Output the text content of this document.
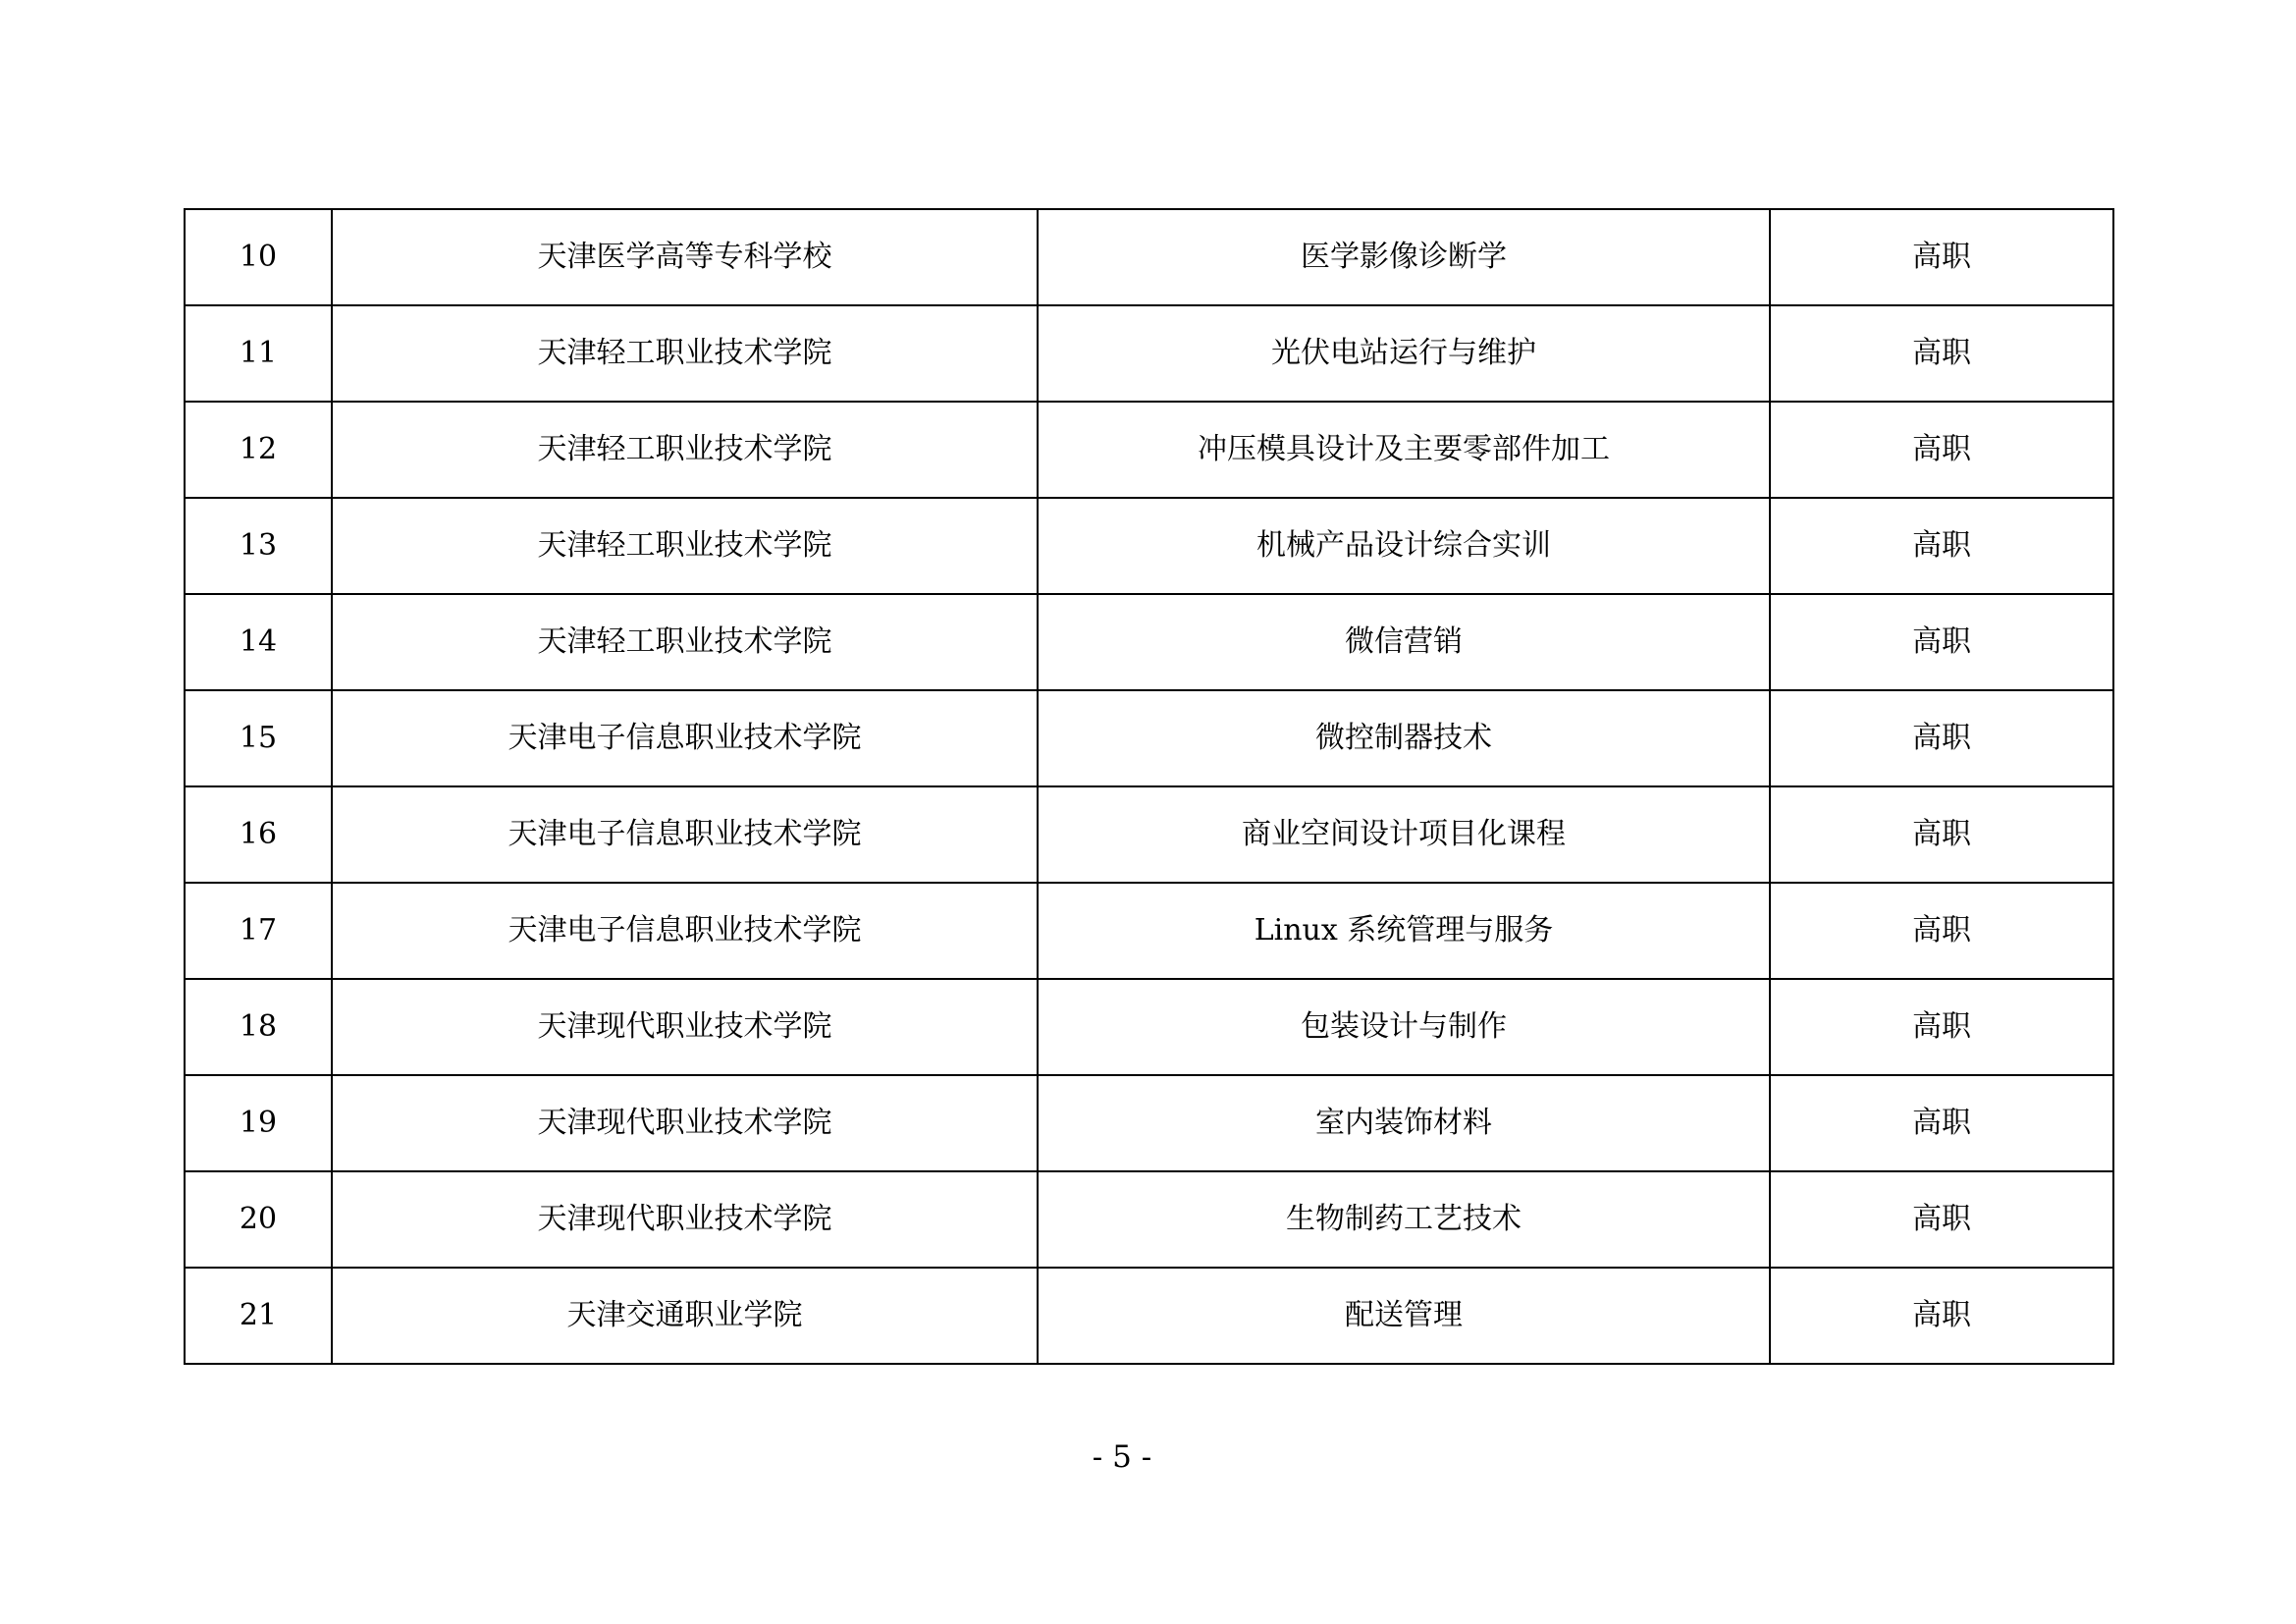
10	天津医学高等专科学校	医学影像诊断学	高职
11	天津轻工职业技术学院	光伏电站运行与维护	高职
12	天津轻工职业技术学院	冲压模具设计及主要零部件加工	高职
13	天津轻工职业技术学院	机械产品设计综合实训	高职
14	天津轻工职业技术学院	微信营销	高职
15	天津电子信息职业技术学院	微控制器技术	高职
16	天津电子信息职业技术学院	商业空间设计项目化课程	高职
17	天津电子信息职业技术学院	Linux 系统管理与服务	高职
18	天津现代职业技术学院	包装设计与制作	高职
19	天津现代职业技术学院	室内装饰材料	高职
20	天津现代职业技术学院	生物制药工艺技术	高职
21	天津交通职业学院	配送管理	高职
- 5 -
